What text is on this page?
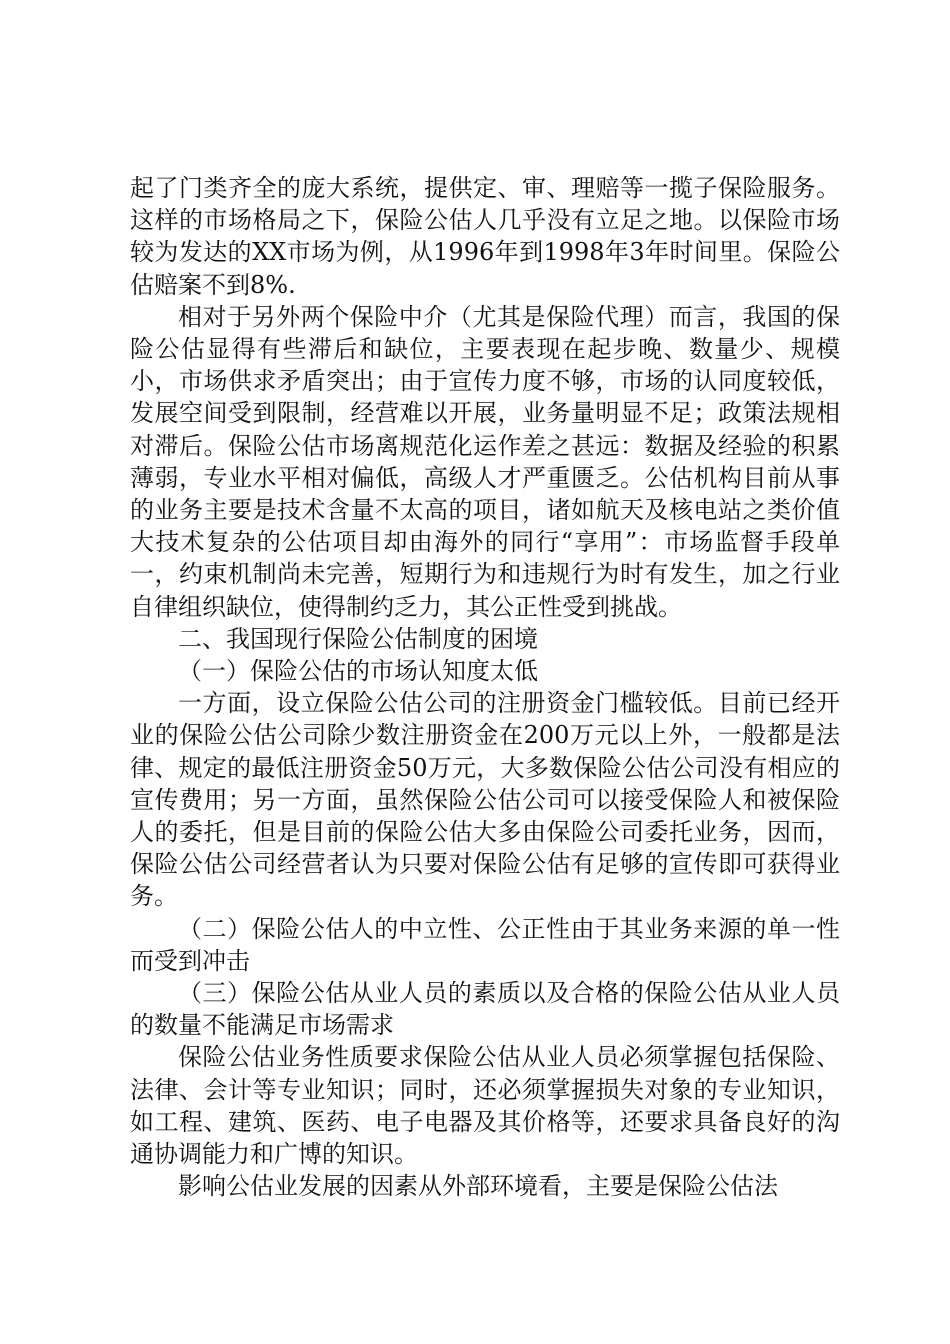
起了门类齐全的庞大系统，提供定、审、理赔等一揽子保险服务。这样的市场格局之下，保险公估人几乎没有立足之地。以保险市场较为发达的XX市场为例，从1996年到1998年3年时间里。保险公估赔案不到8%.

相对于另外两个保险中介（尤其是保险代理）而言，我国的保险公估显得有些滞后和缺位，主要表现在起步晚、数量少、规模小，市场供求矛盾突出；由于宣传力度不够，市场的认同度较低，发展空间受到限制，经营难以开展，业务量明显不足；政策法规相对滞后。保险公估市场离规范化运作差之甚远：数据及经验的积累薄弱，专业水平相对偏低，高级人才严重匮乏。公估机构目前从事的业务主要是技术含量不太高的项目，诸如航天及核电站之类价值大技术复杂的公估项目却由海外的同行“享用”：市场监督手段单一，约束机制尚未完善，短期行为和违规行为时有发生，加之行业自律组织缺位，使得制约乏力，其公正性受到挑战。

二、我国现行保险公估制度的困境

（一）保险公估的市场认知度太低

一方面，设立保险公估公司的注册资金门槛较低。目前已经开业的保险公估公司除少数注册资金在200万元以上外，一般都是法律、规定的最低注册资金50万元，大多数保险公估公司没有相应的宣传费用；另一方面，虽然保险公估公司可以接受保险人和被保险人的委托，但是目前的保险公估大多由保险公司委托业务，因而，保险公估公司经营者认为只要对保险公估有足够的宣传即可获得业务。

（二）保险公估人的中立性、公正性由于其业务来源的单一性而受到冲击

（三）保险公估从业人员的素质以及合格的保险公估从业人员的数量不能满足市场需求

保险公估业务性质要求保险公估从业人员必须掌握包括保险、法律、会计等专业知识；同时，还必须掌握损失对象的专业知识，如工程、建筑、医药、电子电器及其价格等，还要求具备良好的沟通协调能力和广博的知识。

影响公估业发展的因素从外部环境看，主要是保险公估法
